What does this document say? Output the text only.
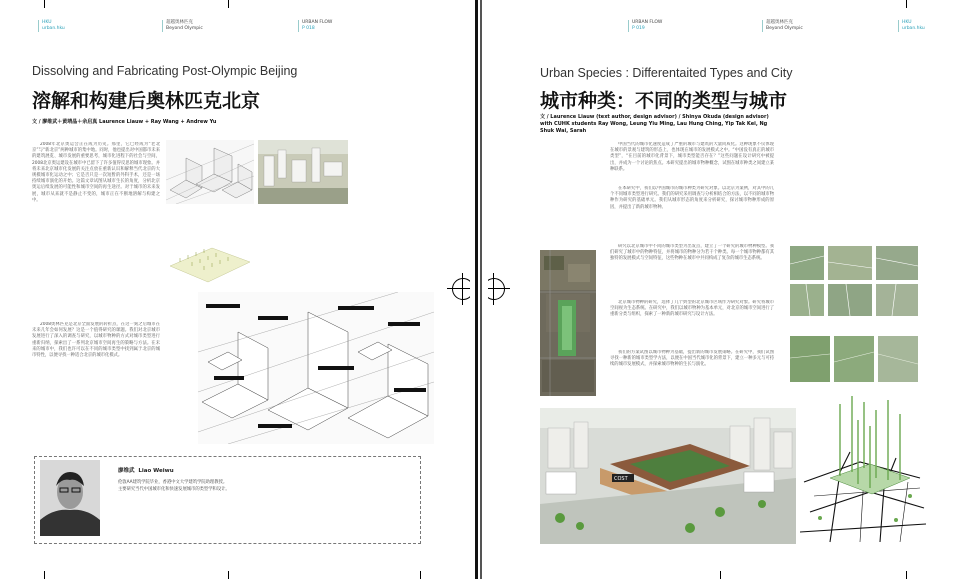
HKU
urban.hku
超越奥林匹克
Beyond Olympic
URBAN FLOW
P 018
Dissolving and Fabricating Post-Olympic Beijing
溶解和构建后奥林匹克北京
文 / 廖维武＋黄靖晶＋余启真 Laurence Liauw + Ray Wang + Andrew Yu
2008年北京奥运会正在成为历史。那里，它已经成为“老北京”与“新北京”两种城市的集中地。同时，他也提出对中国都市未来的建筑展览、城市发展的重要思考，城市化进程下的社会与空间，2008北京奥运建设在城市中已留下了许多值得反思的城市现象。并将未来北京城市化发展的关注点放在重新认识和解释当代北京的大规模城市化运动之中；它是否只是一次短暂的外科手术，还是一场持续城市演化的开始。这篇文章试图从城市生长的角度，分析北京奥运后续发展的可能性和城市空间的再生途径。对于城市的未来发展，城市从来就不是静止不变的，城市正在不断地溶解与构建之中。
2008奥林匹克是北京全面发展的转折点，在这一刻之后城市在未来几年会如何发展？这是一个值得研究的课题。我们对北京城市发展进行了深入的调查与研究，以城市物种的方式对城市类型进行重新归纳，探索出了一系列北京城市空间再生的策略与方法。在未来的城市中，我们也许可以在不同的城市类型中找到属于北京的城市特性，以便寻找一种适合北京的城市化模式。
廖维武 Liao Weiwu
伦敦AA建筑学院毕业，香港中文大学建筑学院助理教授。
主要研究当代中国城市化和快速发展城市的类型学和设计。
URBAN FLOW
P 019
超越奥林匹克
Beyond Olympic
HKU
urban.hku
Urban Species : Differentaited Types and City
城市种类：不同的类型与城市
文 / Laurence Liauw (text author, design advisor) / Shinya Okuda (design advisor) with CUHK students Ray Wong, Leung Yiu Ming, Lau Hung Ching, Yip Tak Kei, Ng Shuk Wai, Sarah
中国当代的城市化速度造成了严重的城市与建筑的大量同质化。这种现象不仅体现在城市的景观与建筑的形态上，也体现在城市的发展模式之中。“中国没有真正的城市类型”，“在目前的城市化背景下，城市类型能否存在？”这些问题在设计研究中被提出，并成为一个讨论的焦点。本研究提出的城市物种概念，试图在城市种类之间建立某种联系。
在本研究中，我们以中国城市的城市种类为研究对象。以北京为案例，对其中的几个不同城市类型进行研究。我们的研究采用调查与分析相结合的方法，以不同的城市物种作为研究的基础单元。我们从城市形态的角度来分析研究，探讨城市物种形成的原因，并提出了新的城市物种。
研究以北京城市中不同的城市类型为出发点，建立了一个研究的城市物种模型。我们研究了城市中的物种特征，并将城市的物种分为若干个种类。每一个城市物种都有其独特的发展模式与空间特征，这些物种在城市中共同构成了复杂的城市生态系统。
北京城市物种的研究，选择了几个典型的北京城市区域作为研究对象。研究将城市空间视为生态系统。在研究中，我们以城市物种为基本单元，对北京的城市空间进行了重新分类与组织，探索了一种新的城市研究与设计方法。
我们的方案试图以城市物种为基础，提出新的城市发展策略。在研究中，我们试图寻找一种新的城市类型学方法，以便在中国当代城市化的背景下，建立一种多元与可持续的城市发展模式，并探索城市物种的生长与演化。
COST
